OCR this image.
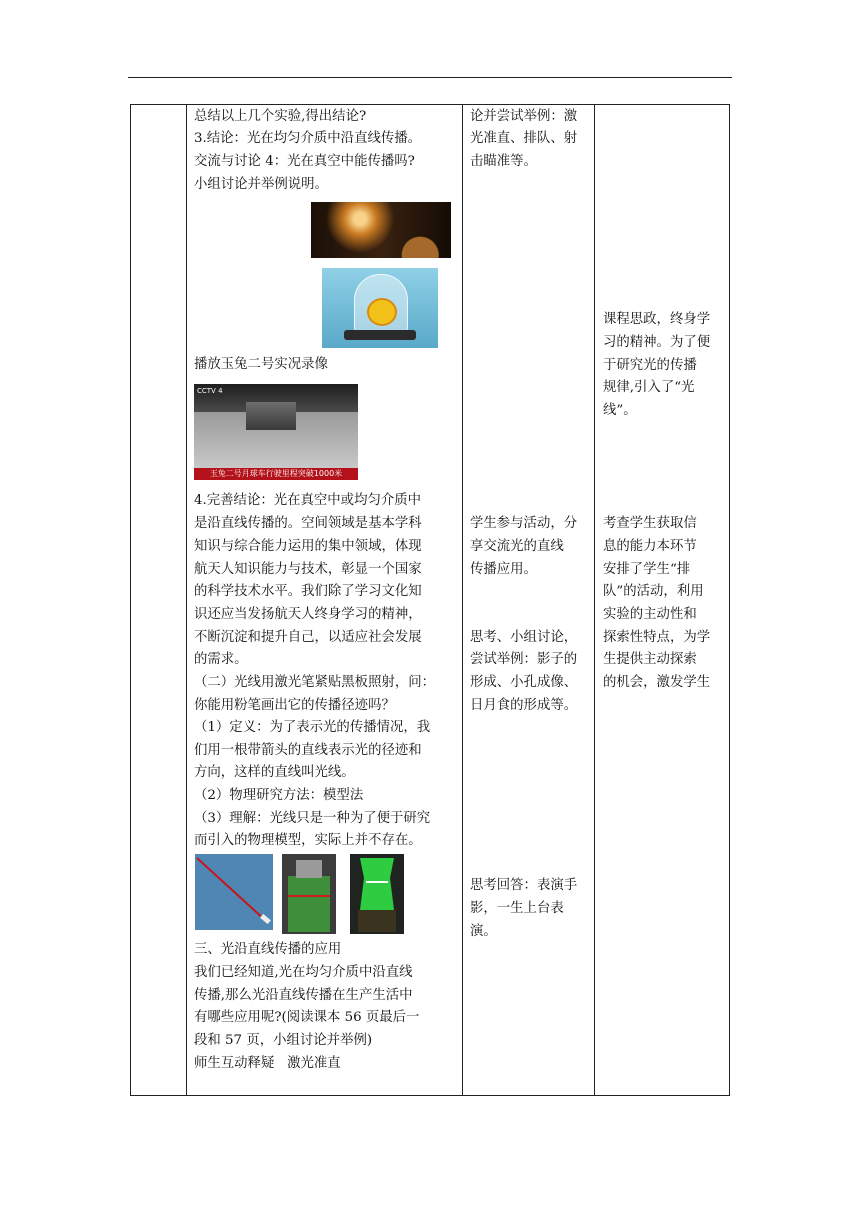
总结以上几个实验,得出结论?
3.结论：光在均匀介质中沿直线传播。
交流与讨论 4：光在真空中能传播吗?
小组讨论并举例说明。
播放玉兔二号实况录像
CCTV 4
玉兔二号月球车行驶里程突破1000米
4.完善结论：光在真空中或均匀介质中
是沿直线传播的。空间领域是基本学科
知识与综合能力运用的集中领域，体现
航天人知识能力与技术，彰显一个国家
的科学技术水平。我们除了学习文化知
识还应当发扬航天人终身学习的精神，
不断沉淀和提升自己，以适应社会发展
的需求。
（二）光线用激光笔紧贴黑板照射，问：
你能用粉笔画出它的传播径迹吗？
（1）定义：为了表示光的传播情况，我
们用一根带箭头的直线表示光的径迹和
方向，这样的直线叫光线。
（2）物理研究方法：模型法
（3）理解：光线只是一种为了便于研究
而引入的物理模型，实际上并不存在。
三、光沿直线传播的应用
我们已经知道,光在均匀介质中沿直线
传播,那么光沿直线传播在生产生活中
有哪些应用呢?(阅读课本 56 页最后一
段和 57 页，小组讨论并举例)
师生互动释疑   激光准直
论并尝试举例：激
光准直、排队、射
击瞄准等。
学生参与活动，分
享交流光的直线
传播应用。
思考、小组讨论，
尝试举例：影子的
形成、小孔成像、
日月食的形成等。
思考回答：表演手
影，一生上台表
演。
课程思政，终身学
习的精神。为了便
于研究光的传播
规律,引入了“光
线”。
考查学生获取信
息的能力本环节
安排了学生“排
队”的活动，利用
实验的主动性和
探索性特点，为学
生提供主动探索
的机会，激发学生
